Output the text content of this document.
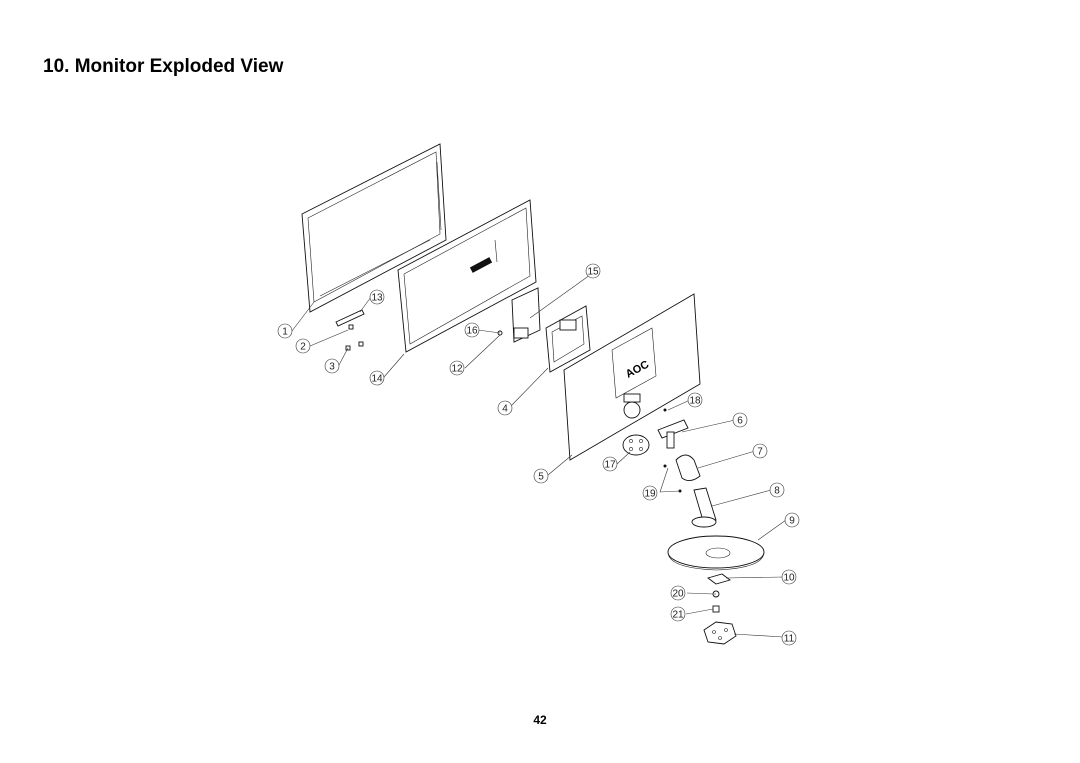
10. Monitor Exploded View
AOC
1
2
3
4
5
6
7
8
9
10
11
12
13
14
15
16
17
18
19
20
21
42
